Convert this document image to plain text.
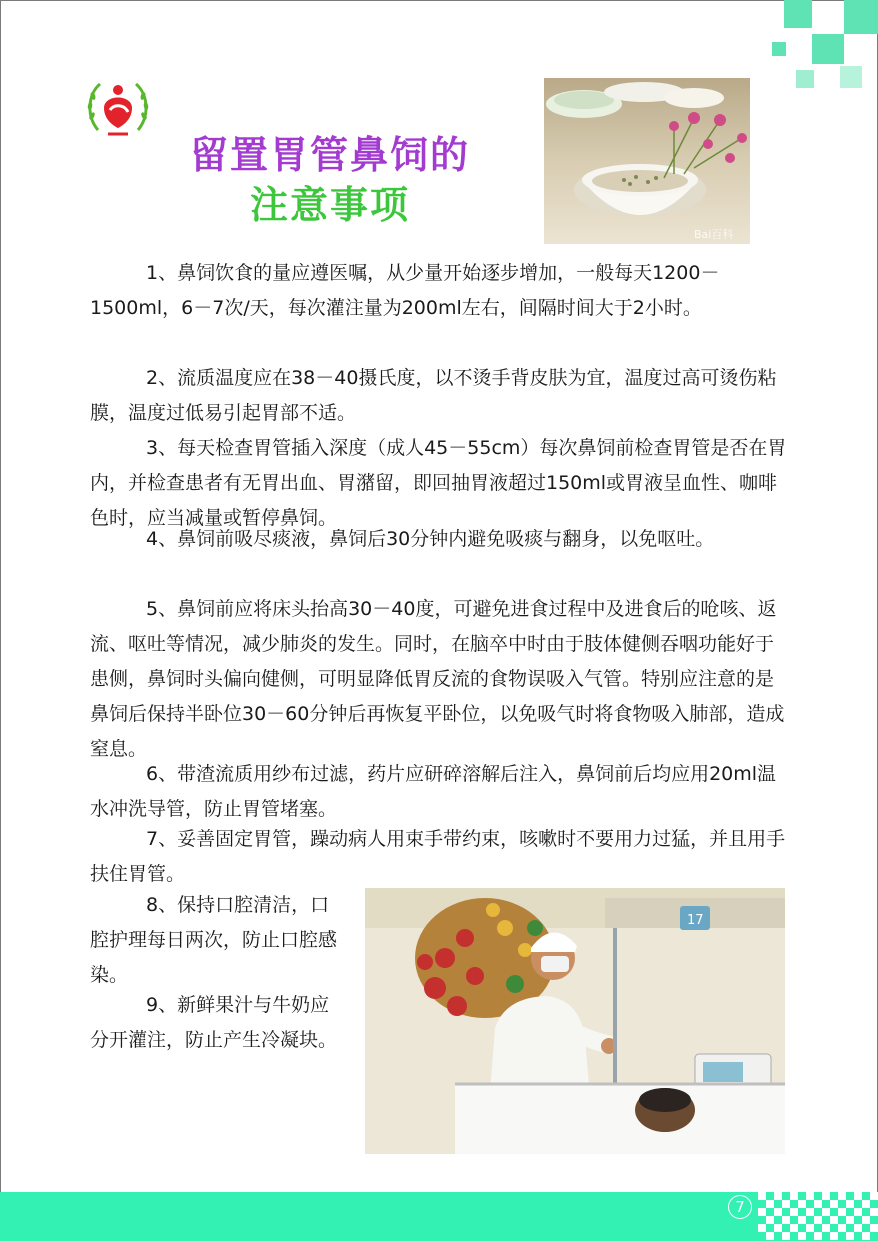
留置胃管鼻饲的
注意事项
Bai百科

1、鼻饲饮食的量应遵医嘱，从少量开始逐步增加，一般每天1200－1500ml，6－7次/天，每次灌注量为200ml左右，间隔时间大于2小时。

2、流质温度应在38－40摄氏度，以不烫手背皮肤为宜，温度过高可烫伤粘膜，温度过低易引起胃部不适。

3、每天检查胃管插入深度（成人45－55cm）每次鼻饲前检查胃管是否在胃内，并检查患者有无胃出血、胃潴留，即回抽胃液超过150ml或胃液呈血性、咖啡色时，应当减量或暂停鼻饲。

4、鼻饲前吸尽痰液，鼻饲后30分钟内避免吸痰与翻身，以免呕吐。

5、鼻饲前应将床头抬高30－40度，可避免进食过程中及进食后的呛咳、返流、呕吐等情况，减少肺炎的发生。同时，在脑卒中时由于肢体健侧吞咽功能好于患侧，鼻饲时头偏向健侧，可明显降低胃反流的食物误吸入气管。特别应注意的是鼻饲后保持半卧位30－60分钟后再恢复平卧位，以免吸气时将食物吸入肺部，造成窒息。

6、带渣流质用纱布过滤，药片应研碎溶解后注入，鼻饲前后均应用20ml温水冲洗导管，防止胃管堵塞。

7、妥善固定胃管，躁动病人用束手带约束，咳嗽时不要用力过猛，并且用手扶住胃管。

8、保持口腔清洁，口腔护理每日两次，防止口腔感染。

9、新鲜果汁与牛奶应分开灌注，防止产生冷凝块。

17
7
